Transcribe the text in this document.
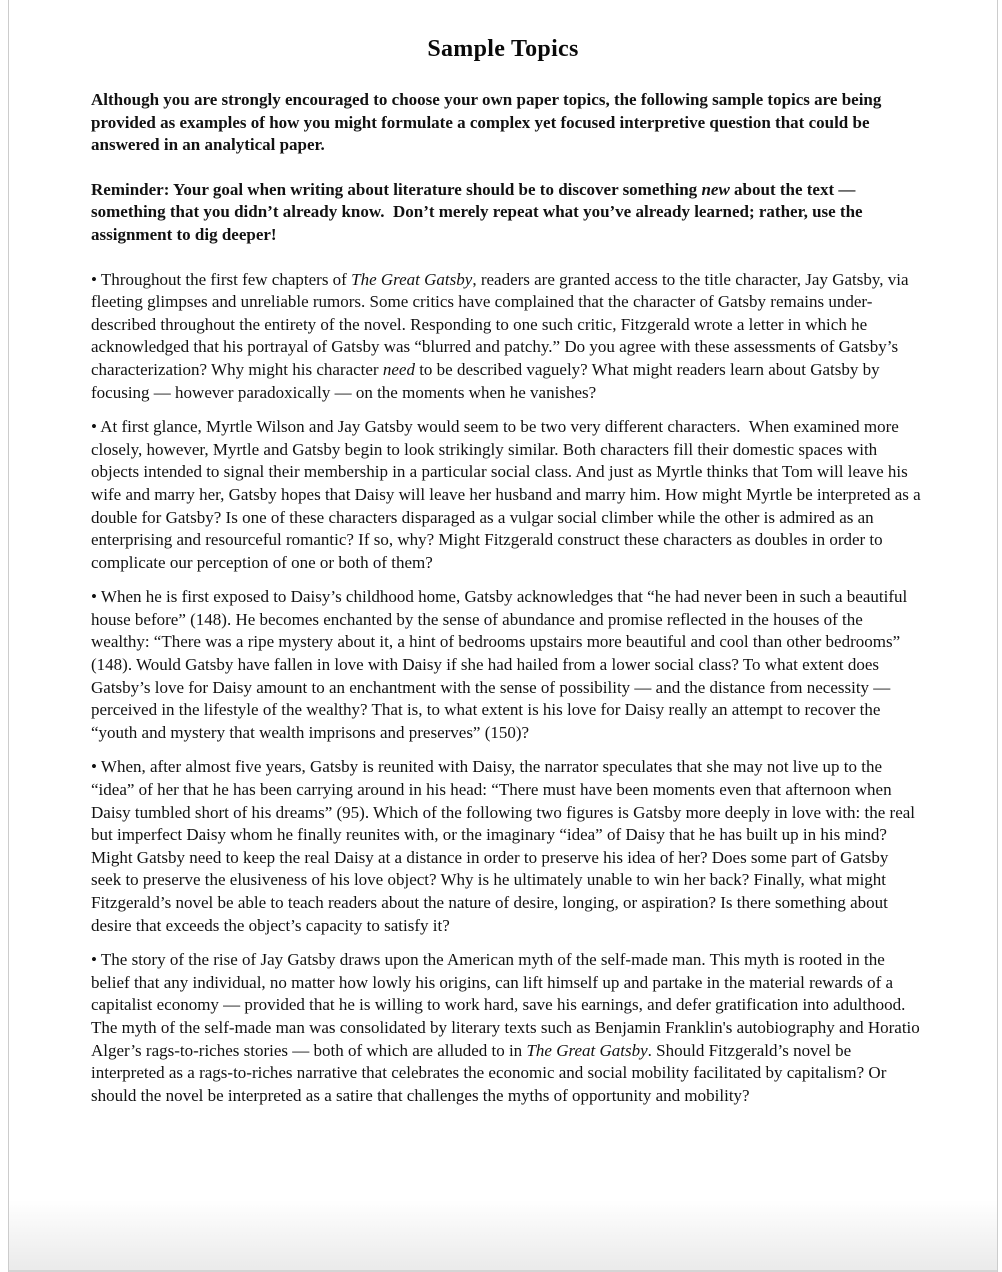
Sample Topics

Although you are strongly encouraged to choose your own paper topics, the following sample topics are being provided as examples of how you might formulate a complex yet focused interpretive question that could be answered in an analytical paper.

Reminder: Your goal when writing about literature should be to discover something new about the text — something that you didn’t already know.  Don’t merely repeat what you’ve already learned; rather, use the assignment to dig deeper!

• Throughout the first few chapters of The Great Gatsby, readers are granted access to the title character, Jay Gatsby, via fleeting glimpses and unreliable rumors. Some critics have complained that the character of Gatsby remains under-described throughout the entirety of the novel. Responding to one such critic, Fitzgerald wrote a letter in which he acknowledged that his portrayal of Gatsby was “blurred and patchy.” Do you agree with these assessments of Gatsby’s characterization? Why might his character need to be described vaguely? What might readers learn about Gatsby by focusing — however paradoxically — on the moments when he vanishes?

• At first glance, Myrtle Wilson and Jay Gatsby would seem to be two very different characters.  When examined more closely, however, Myrtle and Gatsby begin to look strikingly similar. Both characters fill their domestic spaces with objects intended to signal their membership in a particular social class. And just as Myrtle thinks that Tom will leave his wife and marry her, Gatsby hopes that Daisy will leave her husband and marry him. How might Myrtle be interpreted as a double for Gatsby? Is one of these characters disparaged as a vulgar social climber while the other is admired as an enterprising and resourceful romantic? If so, why? Might Fitzgerald construct these characters as doubles in order to complicate our perception of one or both of them?

• When he is first exposed to Daisy’s childhood home, Gatsby acknowledges that “he had never been in such a beautiful house before” (148). He becomes enchanted by the sense of abundance and promise reflected in the houses of the wealthy: “There was a ripe mystery about it, a hint of bedrooms upstairs more beautiful and cool than other bedrooms” (148). Would Gatsby have fallen in love with Daisy if she had hailed from a lower social class? To what extent does Gatsby’s love for Daisy amount to an enchantment with the sense of possibility — and the distance from necessity — perceived in the lifestyle of the wealthy? That is, to what extent is his love for Daisy really an attempt to recover the “youth and mystery that wealth imprisons and preserves” (150)?

• When, after almost five years, Gatsby is reunited with Daisy, the narrator speculates that she may not live up to the “idea” of her that he has been carrying around in his head: “There must have been moments even that afternoon when Daisy tumbled short of his dreams” (95). Which of the following two figures is Gatsby more deeply in love with: the real but imperfect Daisy whom he finally reunites with, or the imaginary “idea” of Daisy that he has built up in his mind? Might Gatsby need to keep the real Daisy at a distance in order to preserve his idea of her? Does some part of Gatsby seek to preserve the elusiveness of his love object? Why is he ultimately unable to win her back? Finally, what might Fitzgerald’s novel be able to teach readers about the nature of desire, longing, or aspiration? Is there something about desire that exceeds the object’s capacity to satisfy it?

• The story of the rise of Jay Gatsby draws upon the American myth of the self-made man. This myth is rooted in the belief that any individual, no matter how lowly his origins, can lift himself up and partake in the material rewards of a capitalist economy — provided that he is willing to work hard, save his earnings, and defer gratification into adulthood. The myth of the self-made man was consolidated by literary texts such as Benjamin Franklin's autobiography and Horatio Alger’s rags-to-riches stories — both of which are alluded to in The Great Gatsby. Should Fitzgerald’s novel be interpreted as a rags-to-riches narrative that celebrates the economic and social mobility facilitated by capitalism? Or should the novel be interpreted as a satire that challenges the myths of opportunity and mobility?
